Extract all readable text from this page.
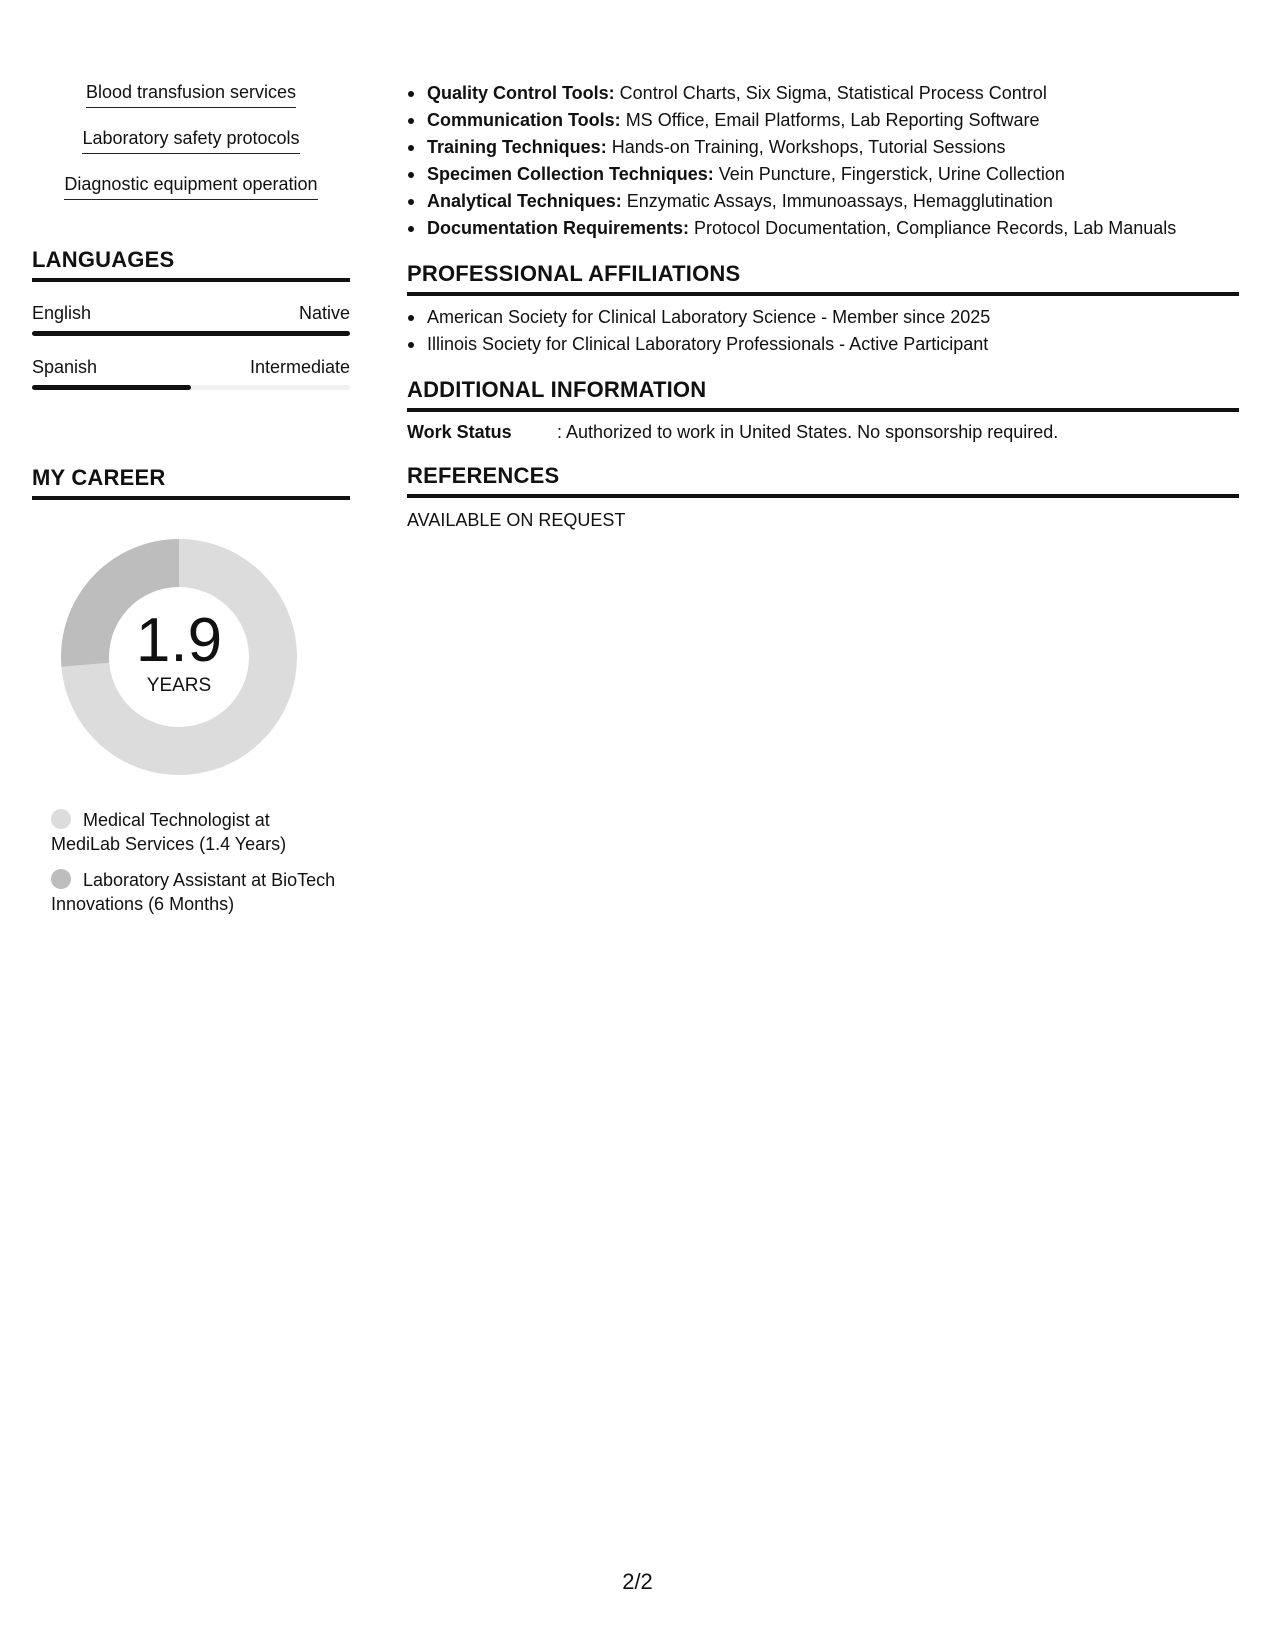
Blood transfusion services
Laboratory safety protocols
Diagnostic equipment operation
LANGUAGES
English	Native
Spanish	Intermediate
MY CAREER
1.9
YEARS
Medical Technologist at MediLab Services (1.4 Years)
Laboratory Assistant at BioTech Innovations (6 Months)
Quality Control Tools: Control Charts, Six Sigma, Statistical Process Control
Communication Tools: MS Office, Email Platforms, Lab Reporting Software
Training Techniques: Hands-on Training, Workshops, Tutorial Sessions
Specimen Collection Techniques: Vein Puncture, Fingerstick, Urine Collection
Analytical Techniques: Enzymatic Assays, Immunoassays, Hemagglutination
Documentation Requirements: Protocol Documentation, Compliance Records, Lab Manuals
PROFESSIONAL AFFILIATIONS
American Society for Clinical Laboratory Science - Member since 2025
Illinois Society for Clinical Laboratory Professionals - Active Participant
ADDITIONAL INFORMATION
Work Status	: Authorized to work in United States. No sponsorship required.
REFERENCES
AVAILABLE ON REQUEST
2/2
